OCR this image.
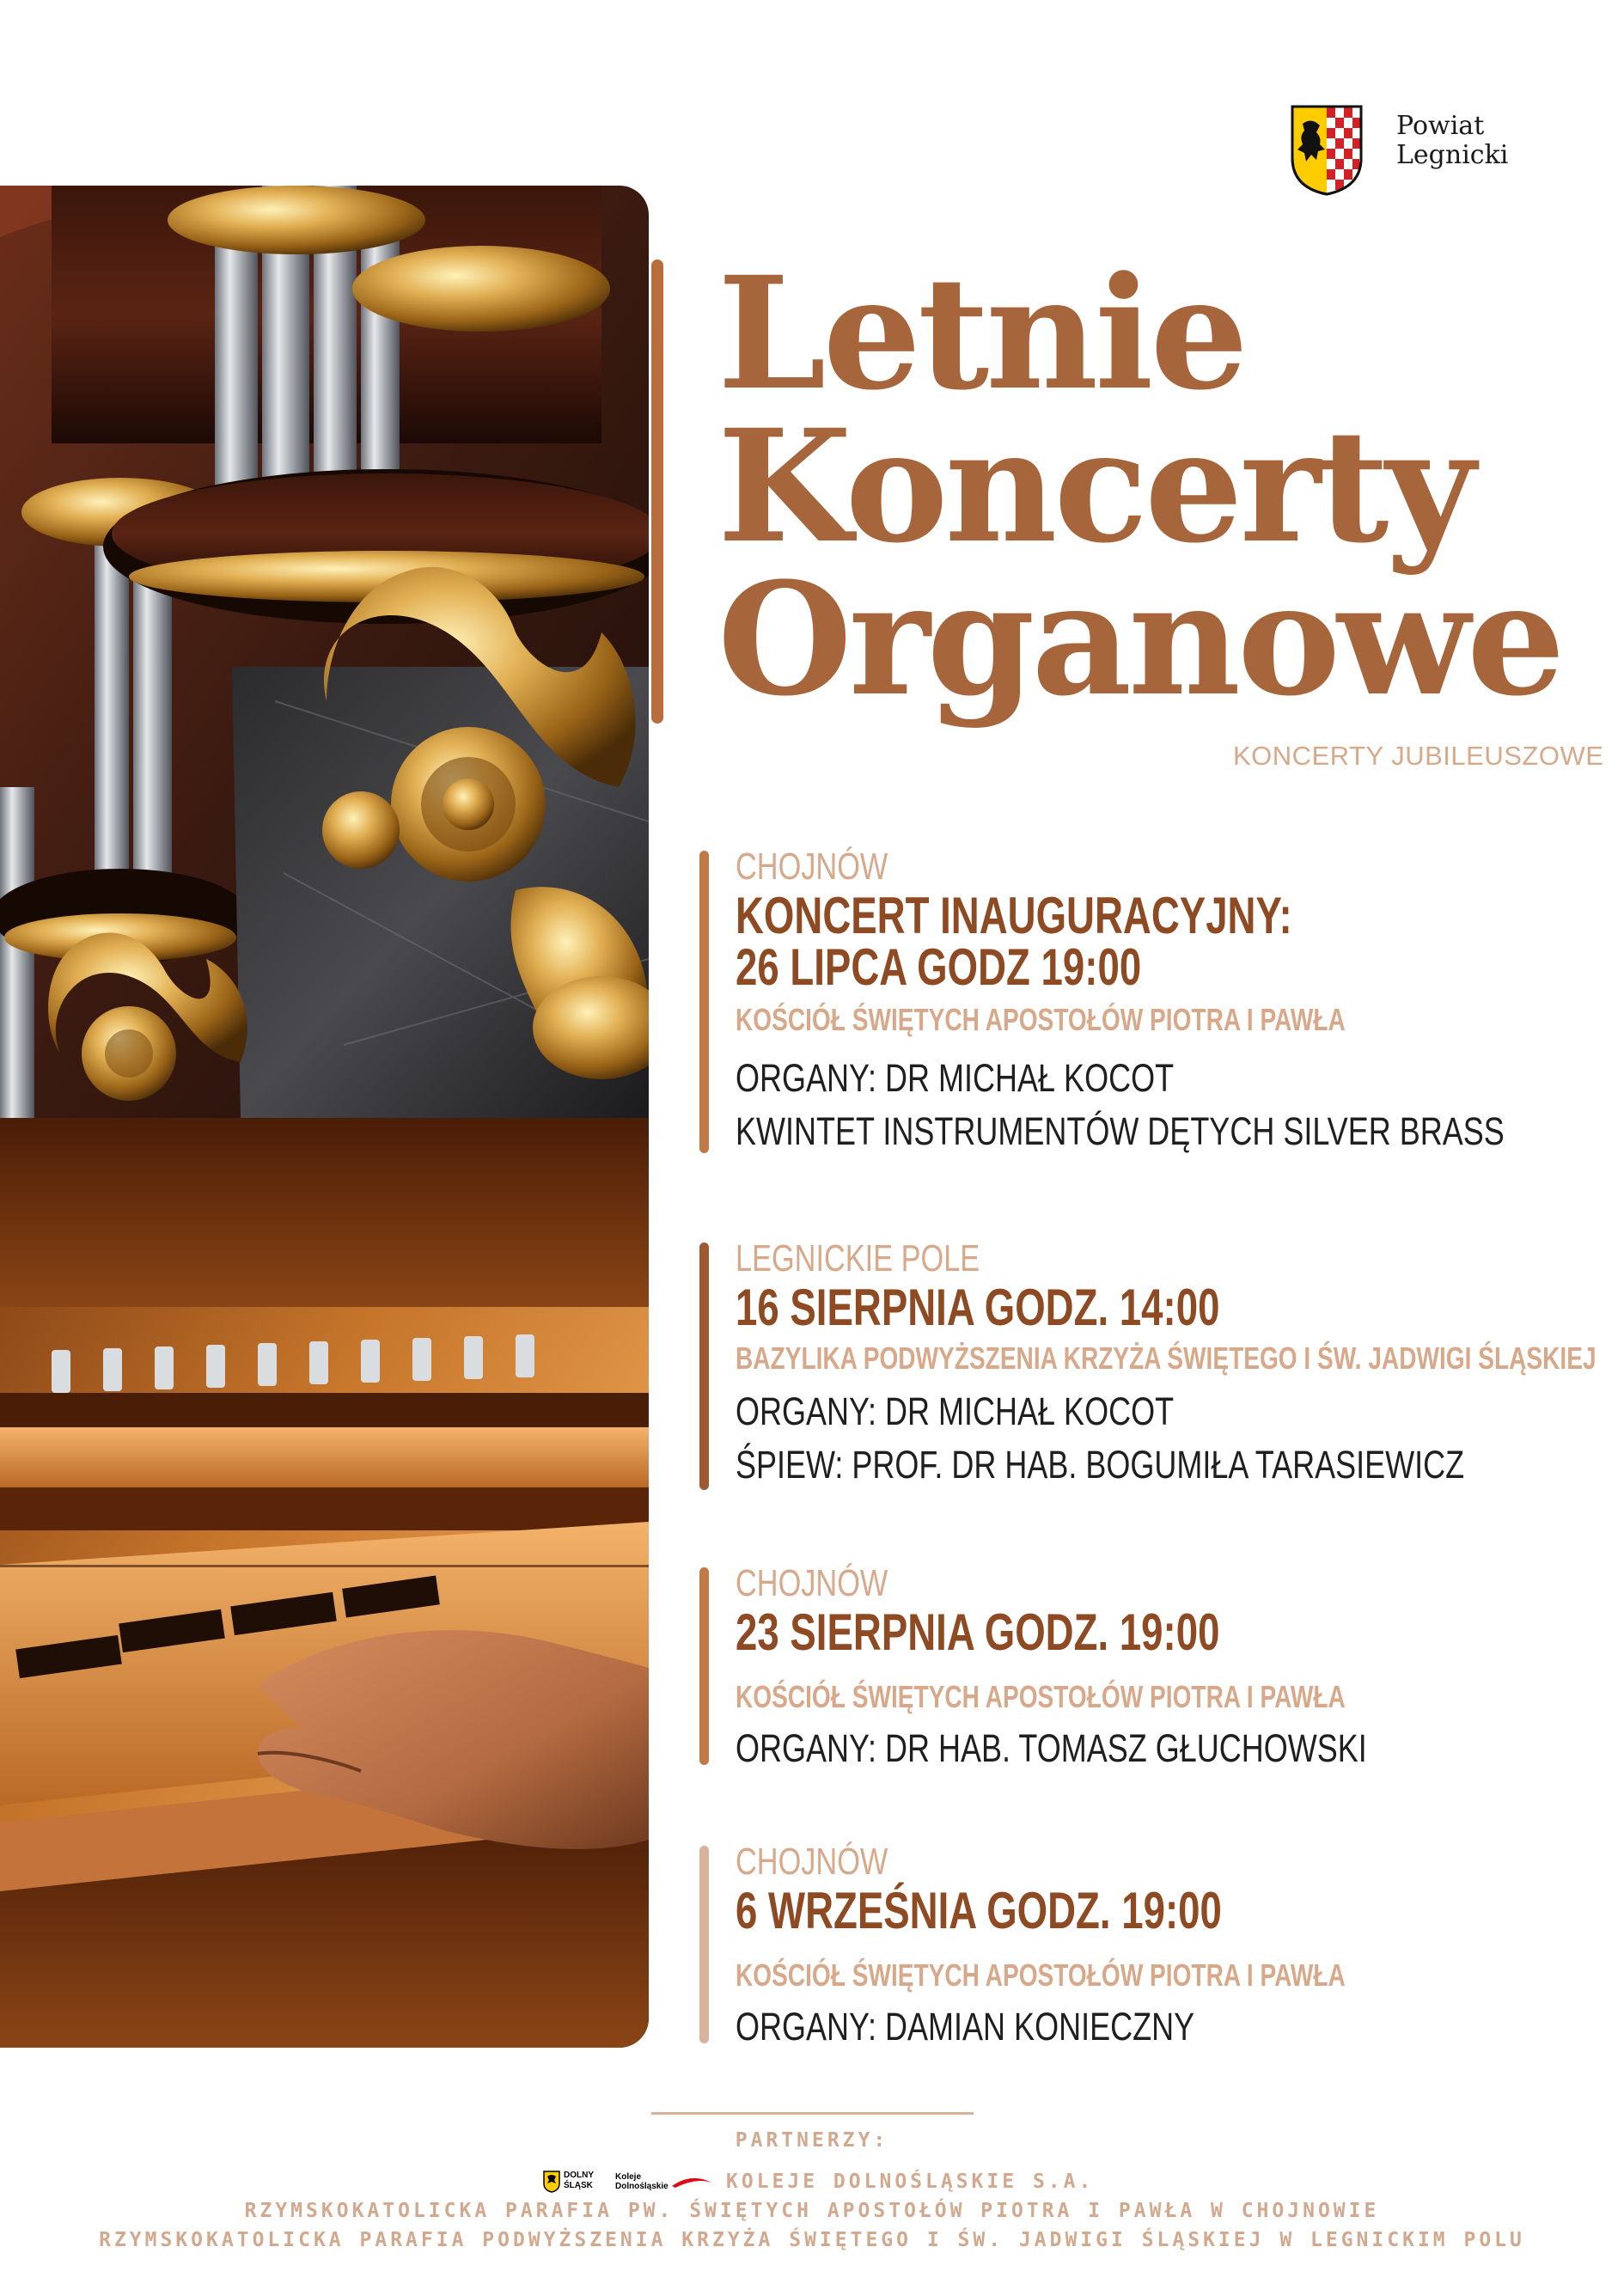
Powiat
Legnicki
Letnie
Koncerty
Organowe
KONCERTY JUBILEUSZOWE
CHOJNÓW
KONCERT INAUGURACYJNY:
26 LIPCA GODZ 19:00
KOŚCIÓŁ ŚWIĘTYCH APOSTOŁÓW PIOTRA I PAWŁA
ORGANY: DR MICHAŁ KOCOT
KWINTET INSTRUMENTÓW DĘTYCH SILVER BRASS
LEGNICKIE POLE
16 SIERPNIA GODZ. 14:00
BAZYLIKA PODWYŻSZENIA KRZYŻA ŚWIĘTEGO I ŚW. JADWIGI ŚLĄSKIEJ
ORGANY: DR MICHAŁ KOCOT
ŚPIEW: PROF. DR HAB. BOGUMIŁA TARASIEWICZ
CHOJNÓW
23 SIERPNIA GODZ. 19:00
KOŚCIÓŁ ŚWIĘTYCH APOSTOŁÓW PIOTRA I PAWŁA
ORGANY: DR HAB. TOMASZ GŁUCHOWSKI
CHOJNÓW
6 WRZEŚNIA GODZ. 19:00
KOŚCIÓŁ ŚWIĘTYCH APOSTOŁÓW PIOTRA I PAWŁA
ORGANY: DAMIAN KONIECZNY
PARTNERZY:
DOLNY
ŚLĄSK
Koleje
Dolnośląskie	KOLEJE DOLNOŚLĄSKIE S.A.
RZYMSKOKATOLICKA PARAFIA PW. ŚWIĘTYCH APOSTOŁÓW PIOTRA I PAWŁA W CHOJNOWIE
RZYMSKOKATOLICKA PARAFIA PODWYŻSZENIA KRZYŻA ŚWIĘTEGO I ŚW. JADWIGI ŚLĄSKIEJ W LEGNICKIM POLU
